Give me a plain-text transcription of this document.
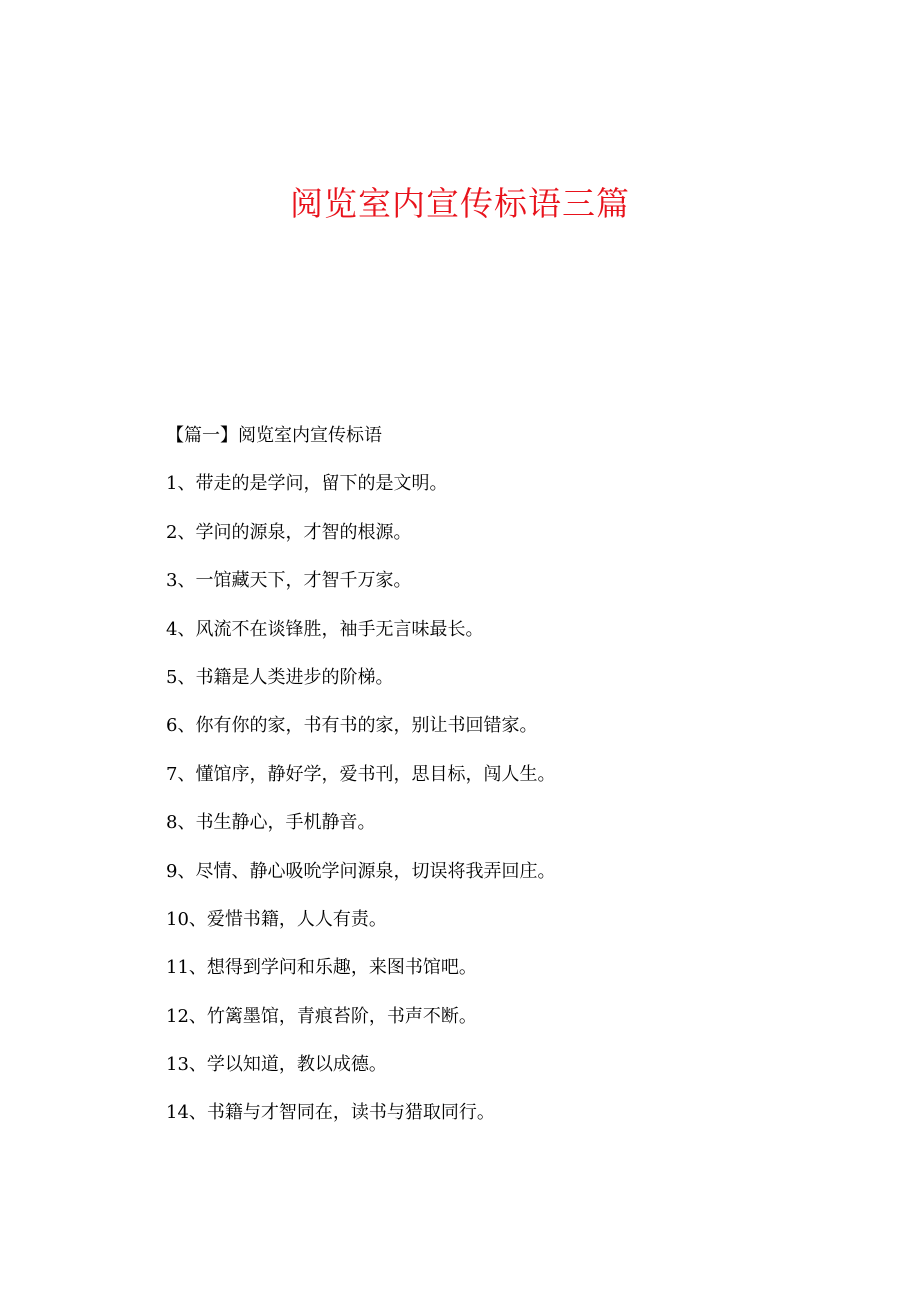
阅览室内宣传标语三篇
【篇一】阅览室内宣传标语
1、带走的是学问，留下的是文明。
2、学问的源泉，才智的根源。
3、一馆藏天下，才智千万家。
4、风流不在谈锋胜，袖手无言味最长。
5、书籍是人类进步的阶梯。
6、你有你的家，书有书的家，别让书回错家。
7、懂馆序，静好学，爱书刊，思目标，闯人生。
8、书生静心，手机静音。
9、尽情、静心吸吮学问源泉，切误将我弄回庄。
10、爱惜书籍，人人有责。
11、想得到学问和乐趣，来图书馆吧。
12、竹篱墨馆，青痕苔阶，书声不断。
13、学以知道，教以成德。
14、书籍与才智同在，读书与猎取同行。
